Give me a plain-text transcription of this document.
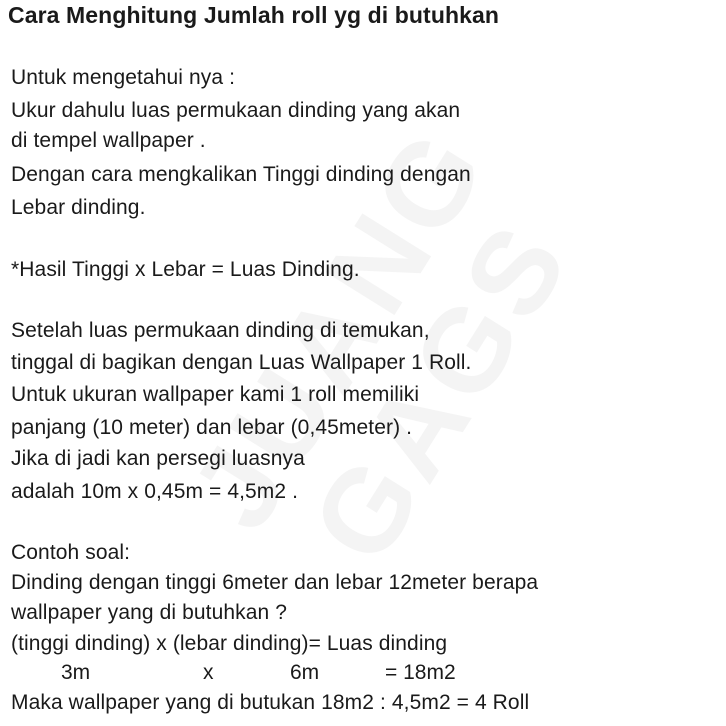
Cara Menghitung Jumlah roll yg di butuhkan
Untuk mengetahui nya :
Ukur dahulu luas permukaan dinding yang akan
di tempel wallpaper .
Dengan cara mengkalikan Tinggi dinding dengan
Lebar dinding.
*Hasil Tinggi x Lebar = Luas Dinding.
Setelah luas permukaan dinding di temukan,
tinggal di bagikan dengan Luas Wallpaper 1 Roll.
Untuk ukuran wallpaper kami 1 roll memiliki
panjang (10 meter) dan lebar (0,45meter) .
Jika di jadi kan persegi luasnya
adalah 10m x 0,45m = 4,5m2 .
Contoh soal:
Dinding dengan tinggi 6meter dan lebar 12meter berapa
wallpaper yang di butuhkan ?
(tinggi dinding) x (lebar dinding)= Luas dinding
3m	x	6m	= 18m2
Maka wallpaper yang di butukan 18m2 : 4,5m2 = 4 Roll
